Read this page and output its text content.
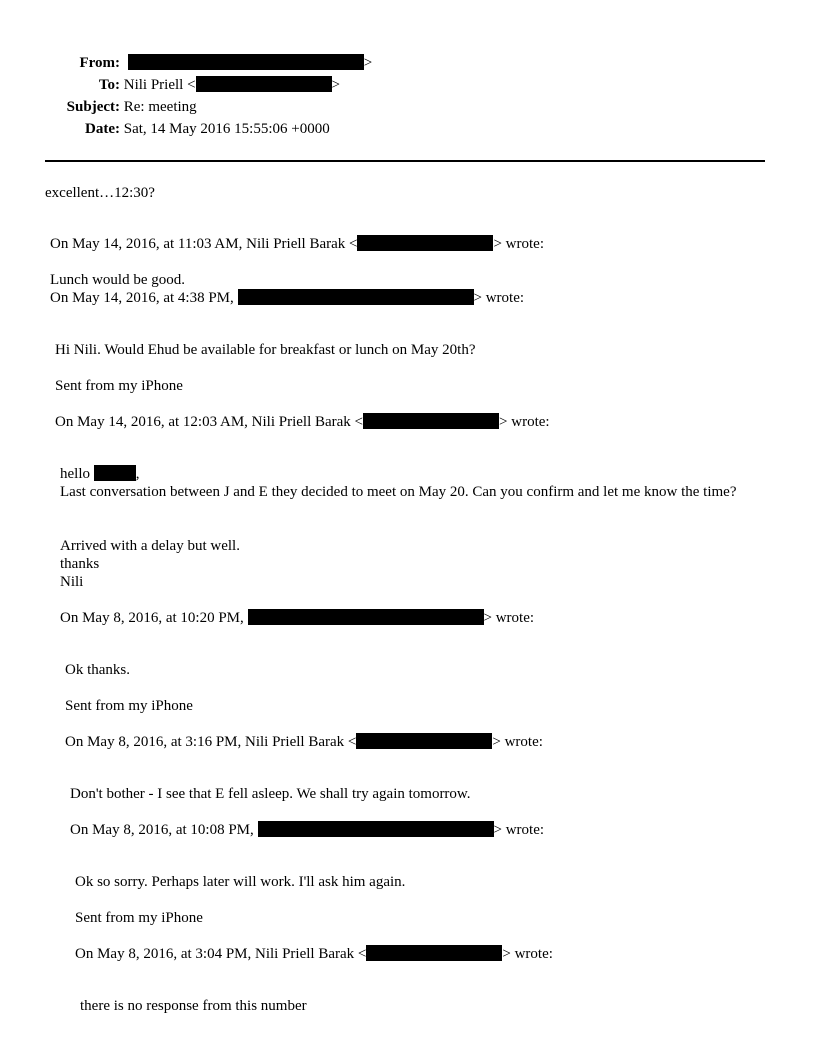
From:	>
To: Nili Priell <	>
Subject: Re: meeting
Date: Sat, 14 May 2016 15:55:06 +0000
excellent…12:30?
On May 14, 2016, at 11:03 AM, Nili Priell Barak <	> wrote:
Lunch would be good.
On May 14, 2016, at 4:38 PM,	> wrote:
Hi Nili. Would Ehud be available for breakfast or lunch on May 20th?
Sent from my iPhone
On May 14, 2016, at 12:03 AM, Nili Priell Barak <	> wrote:
hello	,
Last conversation between J and E they decided to meet on May 20. Can you confirm and let me know the time?
Arrived with a delay but well.
thanks
Nili
On May 8, 2016, at 10:20 PM,	> wrote:
Ok thanks.
Sent from my iPhone
On May 8, 2016, at 3:16 PM, Nili Priell Barak <	> wrote:
Don't bother - I see that E fell asleep. We shall try again tomorrow.
On May 8, 2016, at 10:08 PM,	> wrote:
Ok so sorry. Perhaps later will work. I'll ask him again.
Sent from my iPhone
On May 8, 2016, at 3:04 PM, Nili Priell Barak <	> wrote:
there is no response from this number
